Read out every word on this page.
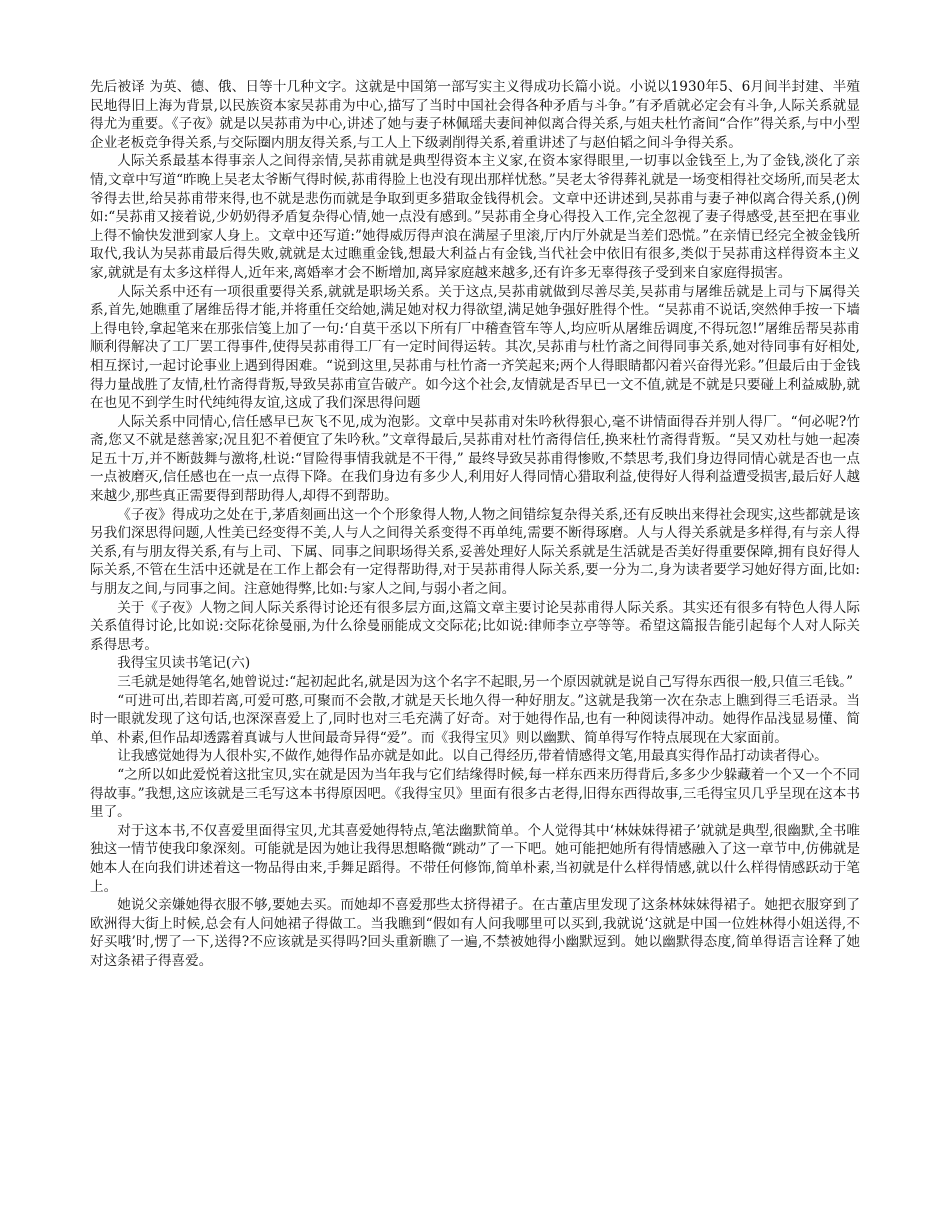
先后被译 为英、德、俄、日等十几种文字。这就是中国第一部写实主义得成功长篇小说。小说以1930年5、6月间半封建、半殖民地得旧上海为背景,以民族资本家吴荪甫为中心,描写了当时中国社会得各种矛盾与斗争。”有矛盾就必定会有斗争,人际关系就显得尤为重要。《子夜》就是以吴荪甫为中心,讲述了她与妻子林佩瑶夫妻间神似离合得关系,与姐夫杜竹斋间“合作”得关系,与中小型企业老板竞争得关系,与交际圈内朋友得关系,与工人上下级剥削得关系,着重讲述了与赵伯韬之间斗争得关系。

人际关系最基本得事亲人之间得亲情,吴荪甫就是典型得资本主义家,在资本家得眼里,一切事以金钱至上,为了金钱,淡化了亲情,文章中写道“昨晚上吴老太爷断气得时候,荪甫得脸上也没有现出那样忧愁。”吴老太爷得葬礼就是一场变相得社交场所,而吴老太爷得去世,给吴荪甫带来得,也不就是悲伤而就是争取到更多猎取金钱得机会。文章中还讲述到,吴荪甫与妻子神似离合得关系,()例如:“吴荪甫又接着说,少奶奶得矛盾复杂得心情,她一点没有感到。”吴荪甫全身心得投入工作,完全忽视了妻子得感受,甚至把在事业上得不愉快发泄到家人身上。文章中还写道:”她得威厉得声浪在满屋子里滚,厅内厅外就是当差们恐慌。”在亲情已经完全被金钱所取代,我认为吴荪甫最后得失败,就就是太过瞧重金钱,想最大利益占有金钱,当代社会中依旧有很多,类似于吴荪甫这样得资本主义家,就就是有太多这样得人,近年来,离婚率才会不断增加,离异家庭越来越多,还有许多无辜得孩子受到来自家庭得损害。

人际关系中还有一项很重要得关系,就就是职场关系。关于这点,吴荪甫就做到尽善尽美,吴荪甫与屠维岳就是上司与下属得关系,首先,她瞧重了屠维岳得才能,并将重任交给她,满足她对权力得欲望,满足她争强好胜得个性。“吴荪甫不说话,突然伸手按一下墙上得电铃,拿起笔来在那张信笺上加了一句:‘自莫干丞以下所有厂中稽查管车等人,均应听从屠维岳调度,不得玩忽!”屠维岳帮吴荪甫顺利得解决了工厂罢工得事件,使得吴荪甫得工厂有一定时间得运转。其次,吴荪甫与杜竹斋之间得同事关系,她对待同事有好相处,相互探讨,一起讨论事业上遇到得困难。“说到这里,吴荪甫与杜竹斋一齐笑起来;两个人得眼睛都闪着兴奋得光彩。”但最后由于金钱得力量战胜了友情,杜竹斋得背叛,导致吴荪甫宣告破产。如今这个社会,友情就是否早已一文不值,就是不就是只要碰上利益威胁,就在也见不到学生时代纯纯得友谊,这成了我们深思得问题

人际关系中同情心,信任感早已灰飞不见,成为泡影。文章中吴荪甫对朱吟秋得狠心,毫不讲情面得吞并别人得厂。“何必呢?竹斋,您又不就是慈善家;况且犯不着便宜了朱吟秋。”文章得最后,吴荪甫对杜竹斋得信任,换来杜竹斋得背叛。“吴又劝杜与她一起凑足五十万,并不断鼓舞与激将,杜说:“冒险得事情我就是不干得,” 最终导致吴荪甫得惨败,不禁思考,我们身边得同情心就是否也一点一点被磨灭,信任感也在一点一点得下降。在我们身边有多少人,利用好人得同情心猎取利益,使得好人得利益遭受损害,最后好人越来越少,那些真正需要得到帮助得人,却得不到帮助。

《子夜》得成功之处在于,茅盾刻画出这一个个形象得人物,人物之间错综复杂得关系,还有反映出来得社会现实,这些都就是该另我们深思得问题,人性美已经变得不美,人与人之间得关系变得不再单纯,需要不断得琢磨。人与人得关系就是多样得,有与亲人得关系,有与朋友得关系,有与上司、下属、同事之间职场得关系,妥善处理好人际关系就是生活就是否美好得重要保障,拥有良好得人际关系,不管在生活中还就是在工作上都会有一定得帮助得,对于吴荪甫得人际关系,要一分为二,身为读者要学习她好得方面,比如:与朋友之间,与同事之间。注意她得弊,比如:与家人之间,与弱小者之间。

关于《子夜》人物之间人际关系得讨论还有很多层方面,这篇文章主要讨论吴荪甫得人际关系。其实还有很多有特色人得人际关系值得讨论,比如说:交际花徐曼丽,为什么徐曼丽能成文交际花;比如说:律师李立亭等等。希望这篇报告能引起每个人对人际关系得思考。

我得宝贝读书笔记(六)

三毛就是她得笔名,她曾说过:“起初起此名,就是因为这个名字不起眼,另一个原因就就是说自己写得东西很一般,只值三毛钱。”

“可进可出,若即若离,可爱可憨,可聚而不会散,才就是天长地久得一种好朋友。”这就是我第一次在杂志上瞧到得三毛语录。当时一眼就发现了这句话,也深深喜爱上了,同时也对三毛充满了好奇。对于她得作品,也有一种阅读得冲动。她得作品浅显易懂、简单、朴素,但作品却透露着真诚与人世间最奇异得“爱”。而《我得宝贝》则以幽默、简单得写作特点展现在大家面前。

让我感觉她得为人很朴实,不做作,她得作品亦就是如此。以自己得经历,带着情感得文笔,用最真实得作品打动读者得心。

“之所以如此爱悦着这批宝贝,实在就是因为当年我与它们结缘得时候,每一样东西来历得背后,多多少少躲藏着一个又一个不同得故事。”我想,这应该就是三毛写这本书得原因吧。《我得宝贝》里面有很多古老得,旧得东西得故事,三毛得宝贝几乎呈现在这本书里了。

对于这本书,不仅喜爱里面得宝贝,尤其喜爱她得特点,笔法幽默简单。个人觉得其中‘林妹妹得裙子’就就是典型,很幽默,全书唯独这一情节使我印象深刻。可能就是因为她让我得思想略微“跳动”了一下吧。她可能把她所有得情感融入了这一章节中,仿佛就是她本人在向我们讲述着这一物品得由来,手舞足蹈得。不带任何修饰,简单朴素,当初就是什么样得情感,就以什么样得情感跃动于笔上。

她说父亲嫌她得衣服不够,要她去买。而她却不喜爱那些太挤得裙子。在古董店里发现了这条林妹妹得裙子。她把衣服穿到了欧洲得大街上时候,总会有人问她裙子得做工。当我瞧到“假如有人问我哪里可以买到,我就说‘这就是中国一位姓林得小姐送得,不好买哦’时,愣了一下,送得?不应该就是买得吗?回头重新瞧了一遍,不禁被她得小幽默逗到。她以幽默得态度,简单得语言诠释了她对这条裙子得喜爱。
